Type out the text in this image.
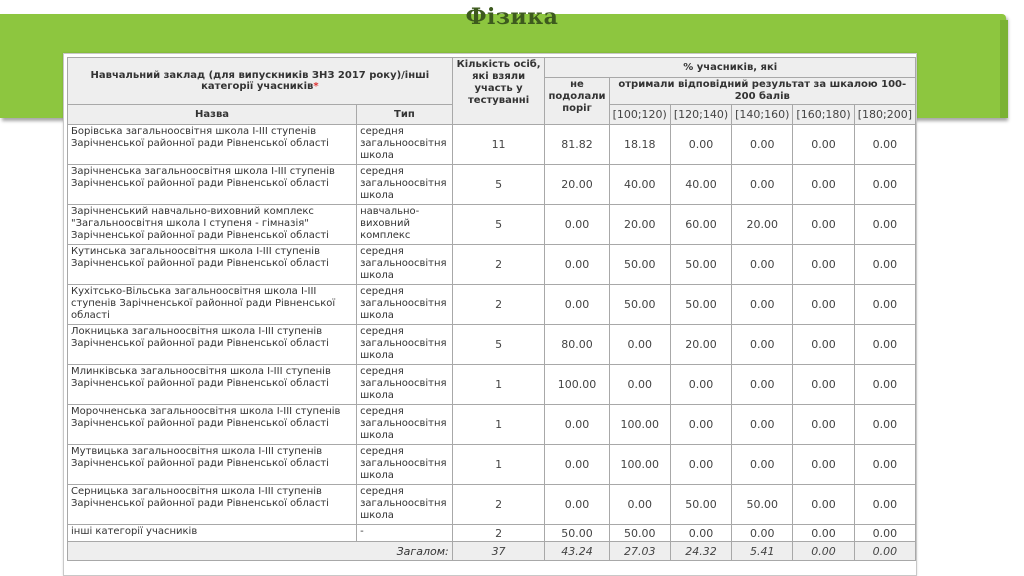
Фізика
Навчальний заклад (для випускників ЗНЗ 2017 року)/інші категорії учасників*		Кількість осіб, які взяли участь у тестуванні	% учасників, які					
			не подолали поріг	отримали відповідний результат за шкалою 100-200 балів				
Назва	Тип			[100;120)	[120;140)	[140;160)	[160;180)	[180;200]
Борівська загальноосвітня школа І-ІІІ ступенів Зарічненської районної ради Рівненської області	середня загальноосвітня школа	11	81.82	18.18	0.00	0.00	0.00	0.00
Зарічненська загальноосвітня школа І-ІІІ ступенів Зарічненської районної ради Рівненської області	середня загальноосвітня школа	5	20.00	40.00	40.00	0.00	0.00	0.00
Зарічненський навчально-виховний комплекс "Загальноосвітня школа І ступеня - гімназія" Зарічненської районної ради Рівненської області	навчально-виховний комплекс	5	0.00	20.00	60.00	20.00	0.00	0.00
Кутинська загальноосвітня школа І-ІІІ ступенів Зарічненської районної ради Рівненської області	середня загальноосвітня школа	2	0.00	50.00	50.00	0.00	0.00	0.00
Кухітсько-Вільська загальноосвітня школа І-ІІІ ступенів Зарічненської районної ради Рівненської області	середня загальноосвітня школа	2	0.00	50.00	50.00	0.00	0.00	0.00
Локницька загальноосвітня школа І-ІІІ ступенів Зарічненської районної ради Рівненської області	середня загальноосвітня школа	5	80.00	0.00	20.00	0.00	0.00	0.00
Млинківська загальноосвітня школа І-ІІІ ступенів Зарічненської районної ради Рівненської області	середня загальноосвітня школа	1	100.00	0.00	0.00	0.00	0.00	0.00
Морочненська загальноосвітня школа І-ІІІ ступенів Зарічненської районної ради Рівненської області	середня загальноосвітня школа	1	0.00	100.00	0.00	0.00	0.00	0.00
Мутвицька загальноосвітня школа І-ІІІ ступенів Зарічненської районної ради Рівненської області	середня загальноосвітня школа	1	0.00	100.00	0.00	0.00	0.00	0.00
Серницька загальноосвітня школа І-ІІІ ступенів Зарічненської районної ради Рівненської області	середня загальноосвітня школа	2	0.00	0.00	50.00	50.00	0.00	0.00
інші категорії учасників	-	2	50.00	50.00	0.00	0.00	0.00	0.00
Загалом:		37	43.24	27.03	24.32	5.41	0.00	0.00
